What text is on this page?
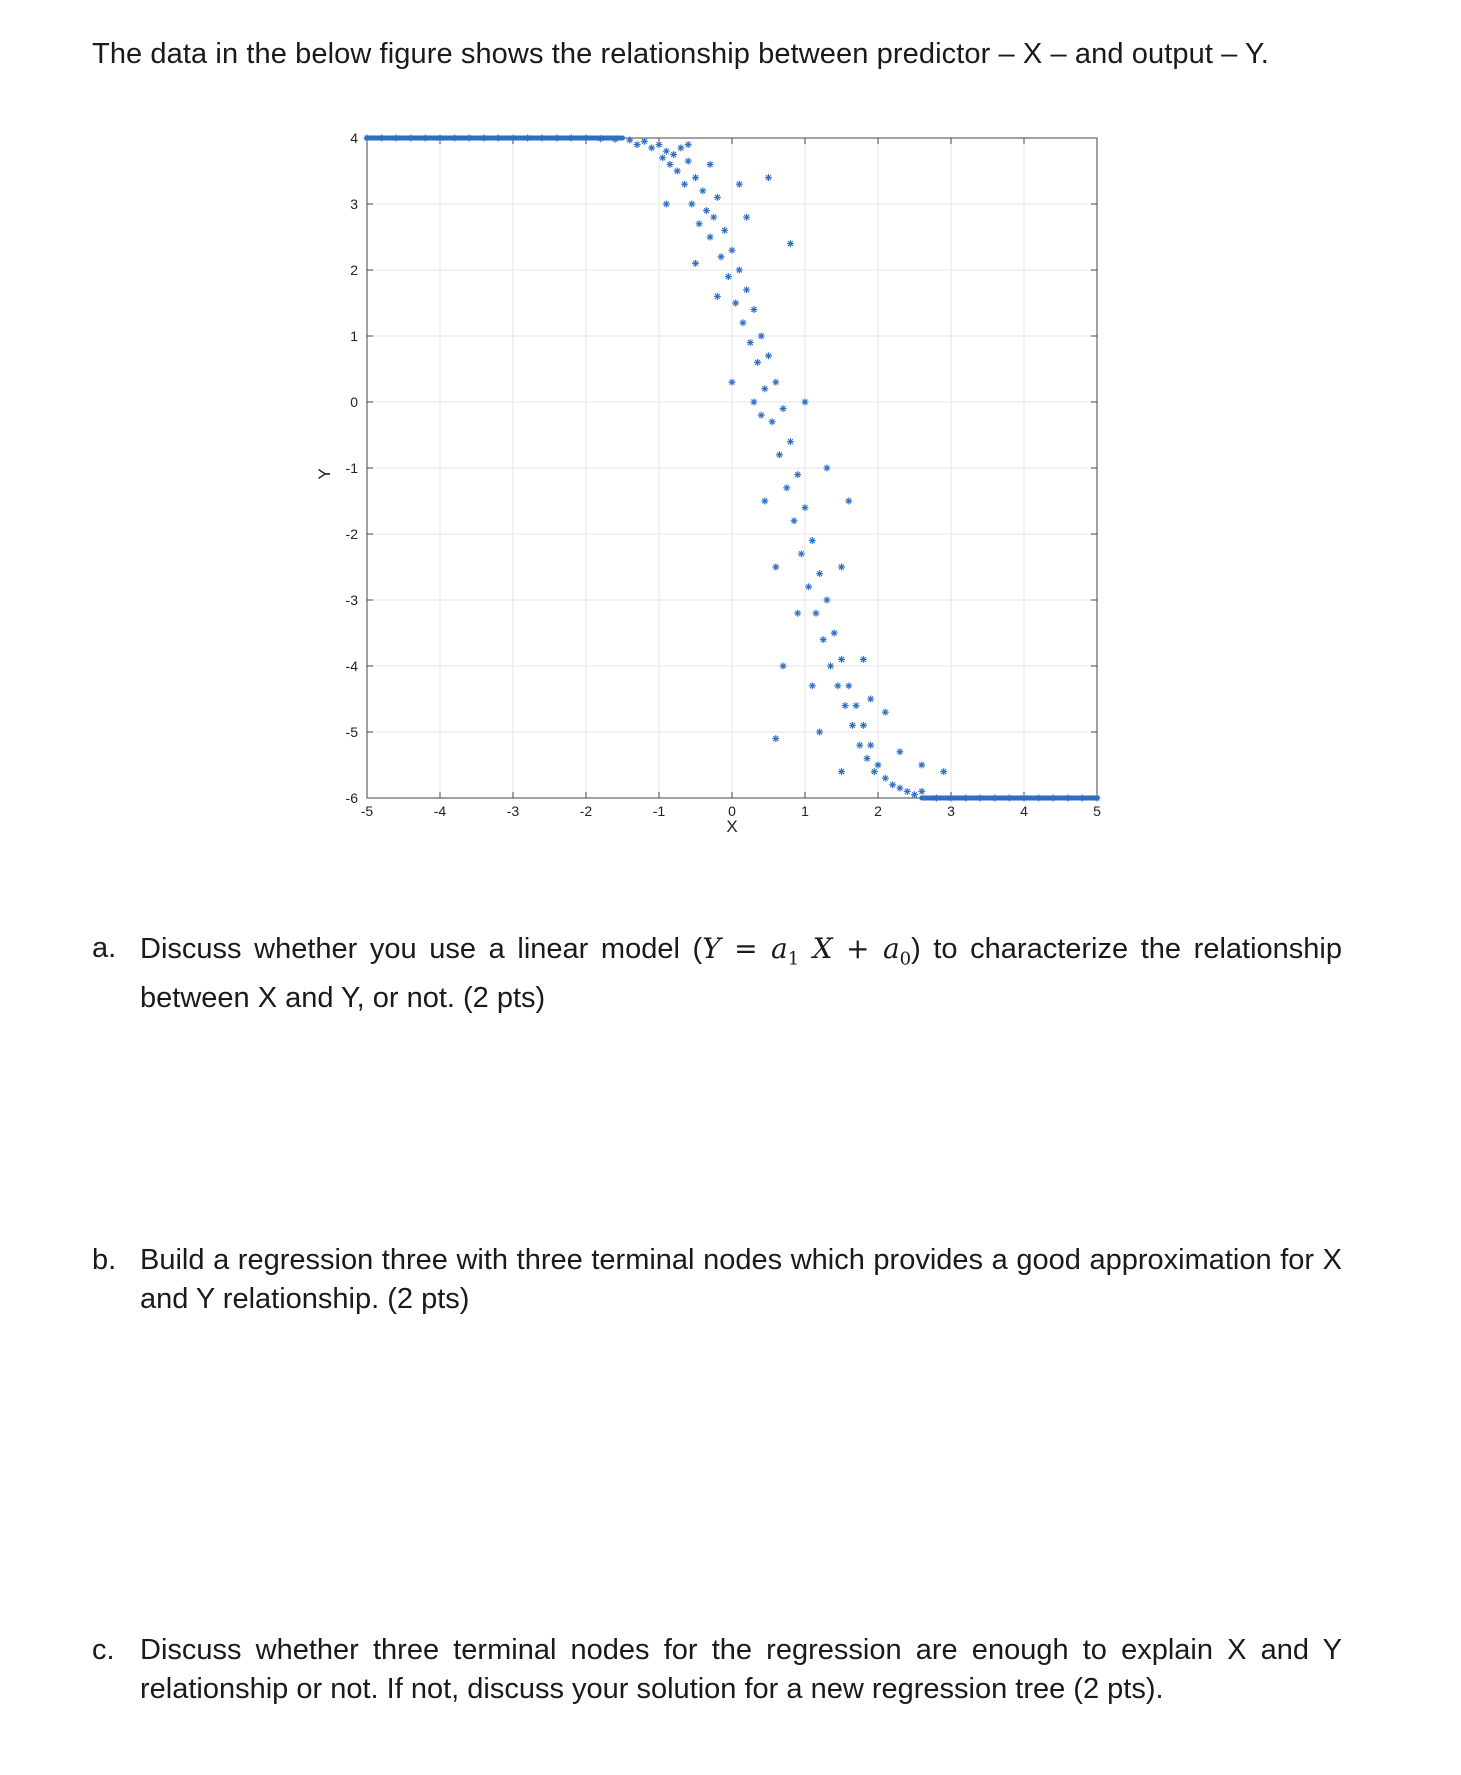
The data in the below figure shows the relationship between predictor – X – and output – Y.
-5	-4	-3	-2	-1	0	1	2	3	4	5
4
3
2
1
0
-1
-2
-3
-4
-5
-6
X
Y
a. Discuss whether you use a linear model ($Y = a_1$ $X + a_0$) to characterize the relationship between X and Y, or not. (2 pts)
b. Build a regression three with three terminal nodes which provides a good approximation for X and Y relationship. (2 pts)
c. Discuss whether three terminal nodes for the regression are enough to explain X and Y relationship or not. If not, discuss your solution for a new regression tree (2 pts).
